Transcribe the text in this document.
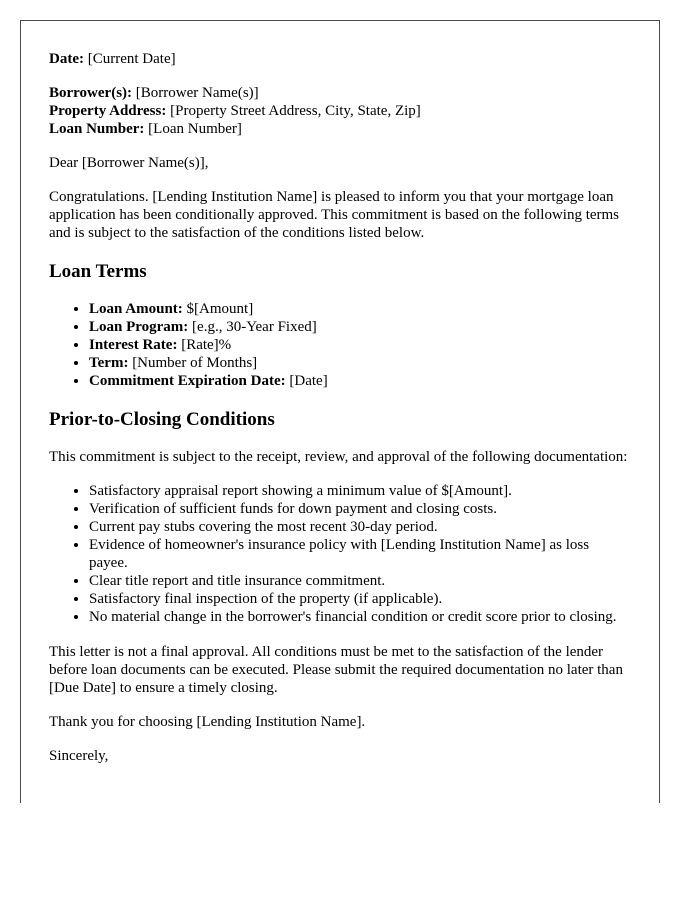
Date: [Current Date]

Borrower(s): [Borrower Name(s)]

Property Address: [Property Street Address, City, State, Zip]

Loan Number: [Loan Number]

Dear [Borrower Name(s)],

Congratulations. [Lending Institution Name] is pleased to inform you that your mortgage loan application has been conditionally approved. This commitment is based on the following terms and is subject to the satisfaction of the conditions listed below.

Loan Terms
• Loan Amount: $[Amount]
• Loan Program: [e.g., 30-Year Fixed]
• Interest Rate: [Rate]%
• Term: [Number of Months]
• Commitment Expiration Date: [Date]
Prior-to-Closing Conditions

This commitment is subject to the receipt, review, and approval of the following documentation:

• Satisfactory appraisal report showing a minimum value of $[Amount].
• Verification of sufficient funds for down payment and closing costs.
• Current pay stubs covering the most recent 30-day period.
• Evidence of homeowner's insurance policy with [Lending Institution Name] as loss payee.
• Clear title report and title insurance commitment.
• Satisfactory final inspection of the property (if applicable).
• No material change in the borrower's financial condition or credit score prior to closing.

This letter is not a final approval. All conditions must be met to the satisfaction of the lender before loan documents can be executed. Please submit the required documentation no later than [Due Date] to ensure a timely closing.

Thank you for choosing [Lending Institution Name].

Sincerely,
